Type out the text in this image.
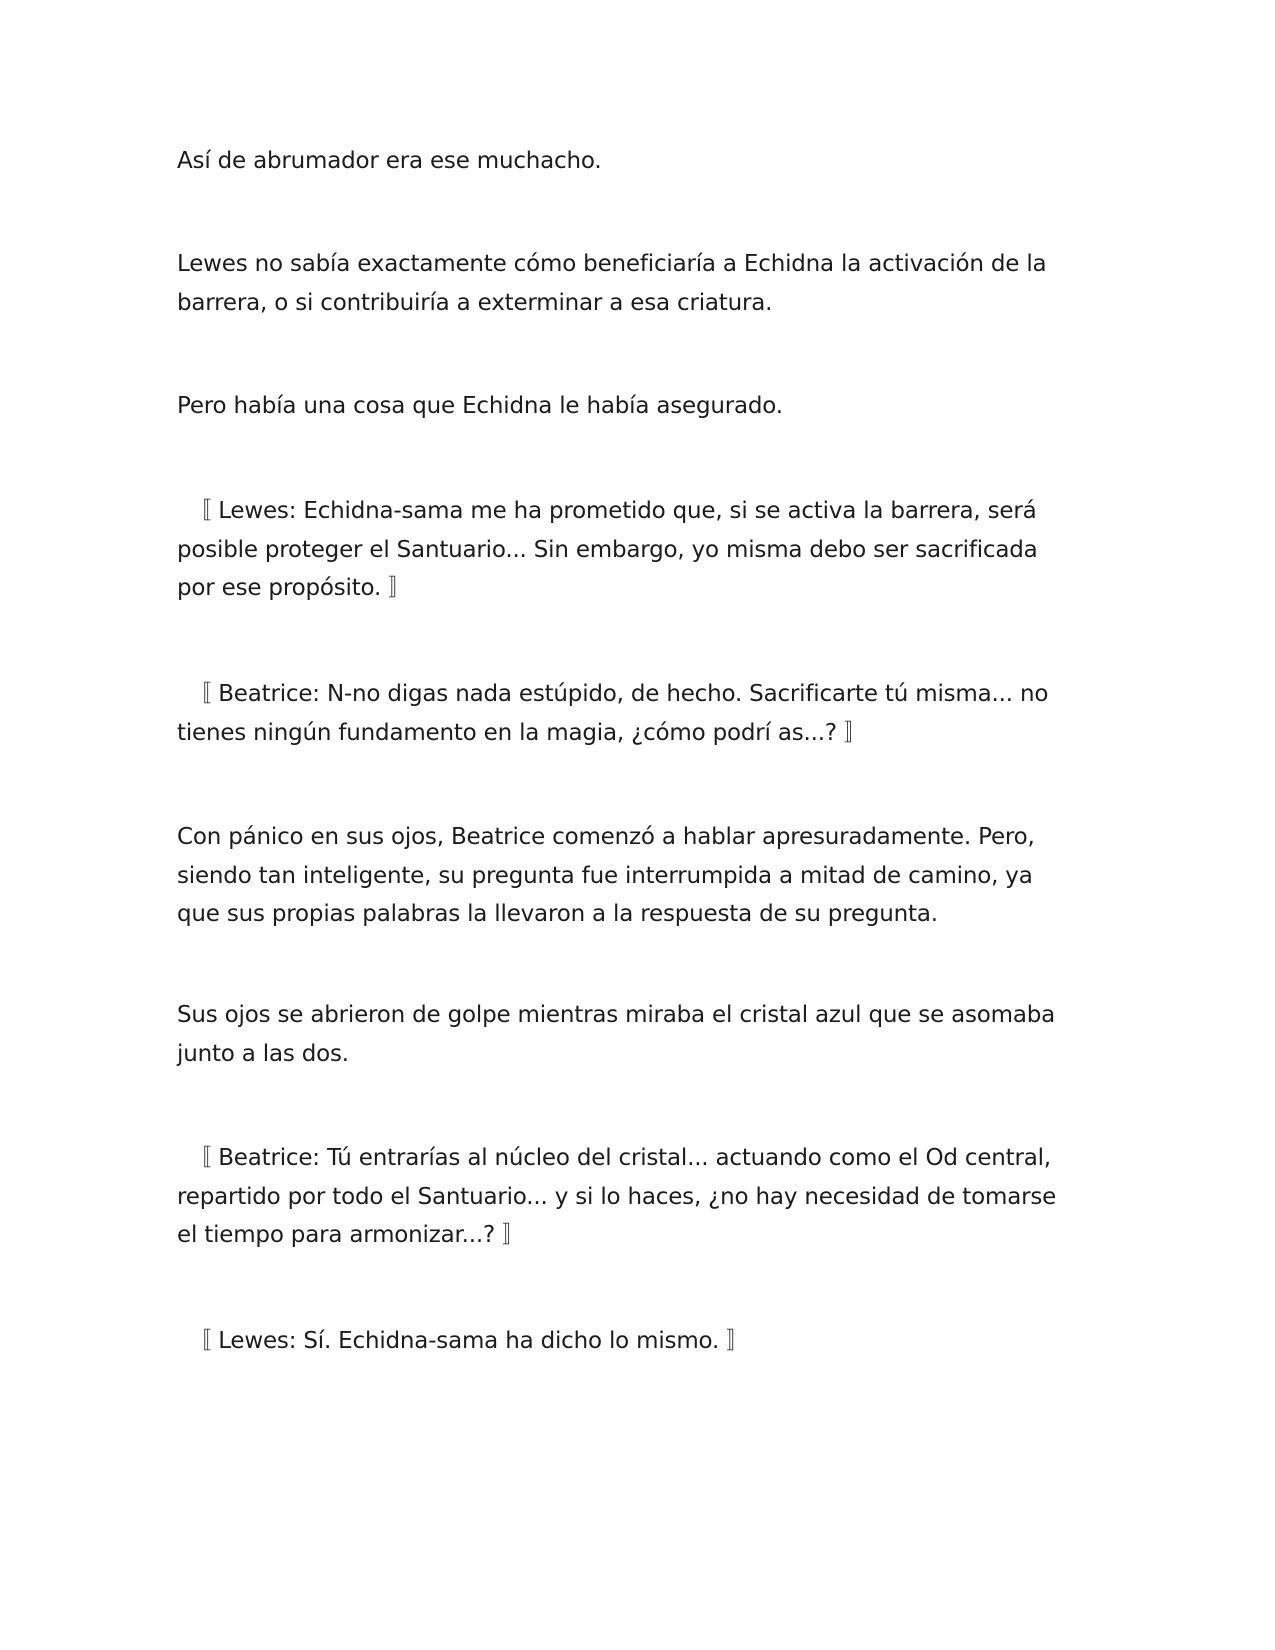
Así de abrumador era ese muchacho.

Lewes no sabía exactamente cómo beneficiaría a Echidna la activación de la
barrera, o si contribuiría a exterminar a esa criatura.

Pero había una cosa que Echidna le había asegurado.

　〚 Lewes: Echidna-sama me ha prometido que, si se activa la barrera, será
posible proteger el Santuario... Sin embargo, yo misma debo ser sacrificada
por ese propósito. 〛

　〚 Beatrice: N-no digas nada estúpido, de hecho. Sacrificarte tú misma... no
tienes ningún fundamento en la magia, ¿cómo podrí as...? 〛

Con pánico en sus ojos, Beatrice comenzó a hablar apresuradamente. Pero,
siendo tan inteligente, su pregunta fue interrumpida a mitad de camino, ya
que sus propias palabras la llevaron a la respuesta de su pregunta.

Sus ojos se abrieron de golpe mientras miraba el cristal azul que se asomaba
junto a las dos.

　〚 Beatrice: Tú entrarías al núcleo del cristal... actuando como el Od central,
repartido por todo el Santuario... y si lo haces, ¿no hay necesidad de tomarse
el tiempo para armonizar...? 〛

　〚 Lewes: Sí. Echidna-sama ha dicho lo mismo. 〛
